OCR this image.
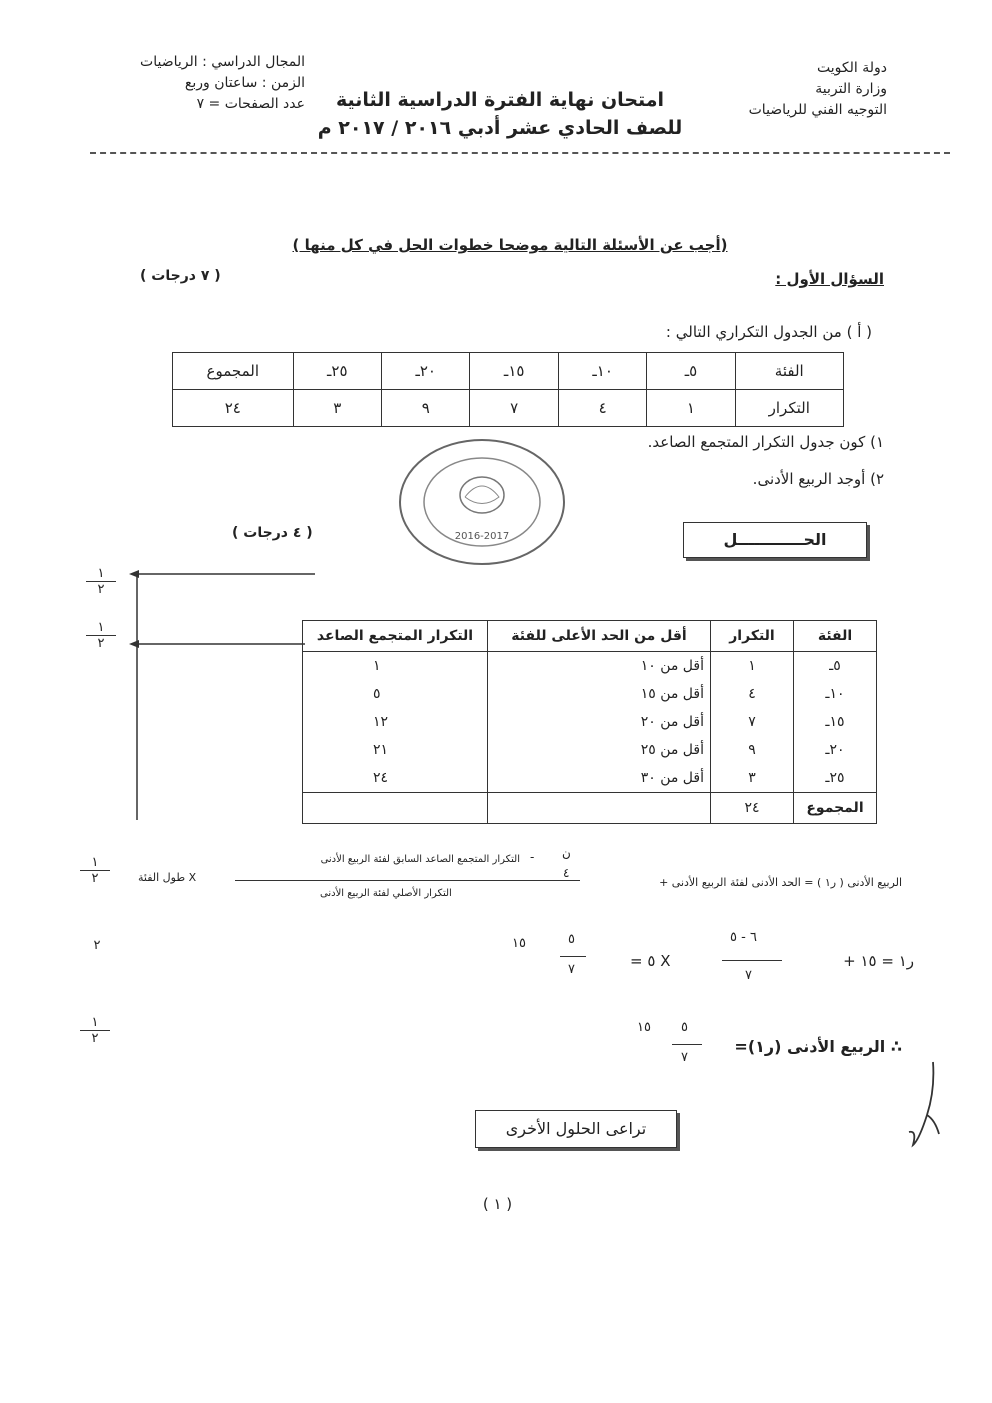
دولة الكويت
وزارة التربية
التوجيه الفني للرياضيات
امتحان نهاية الفترة الدراسية الثانية
للصف الحادي عشر أدبي ٢٠١٦ / ٢٠١٧ م
المجال الدراسي : الرياضيات
الزمن : ساعتان وربع
عدد الصفحات = ٧
(أجب عن الأسئلة التالية موضحا خطوات الحل في كل منها )
السؤال الأول :
( ٧ درجات )
( أ ) من الجدول التكراري التالي :
الفئة	٥ـ	١٠ـ	١٥ـ	٢٠ـ	٢٥ـ	المجموع
التكرار	١	٤	٧	٩	٣	٢٤
١) كون جدول التكرار المتجمع الصاعد.
٢) أوجد الربيع الأدنى.
2016-2017	الحــــــــــــل
( ٤ درجات )
١
٢
١
٢	الفئة	التكرار	أقل من الحد الأعلى للفئة	التكرار المتجمع الصاعد
٥ـ	١	أقل من ١٠	١
١٠ـ	٤	أقل من ١٥	٥
١٥ـ	٧	أقل من ٢٠	١٢
٢٠ـ	٩	أقل من ٢٥	٢١
٢٥ـ	٣	أقل من ٣٠	٢٤
المجموع	٢٤		
١
٢	الربيع الأدنى ( ر١ ) = الحد الأدنى لفئة الربيع الأدنى +
ن
٤
-
التكرار المتجمع الصاعد السابق لفئة الربيع الأدنى
التكرار الأصلي لفئة الربيع الأدنى
X طول الفئة
٢
ر١ = ١٥ +
٦ - ٥
٧
X ٥ =
١٥	٥
٧
١
٢	∴ الربيع الأدنى (ر١)=
١٥ ٥
٧
تراعى الحلول الأخرى
( ١ )
